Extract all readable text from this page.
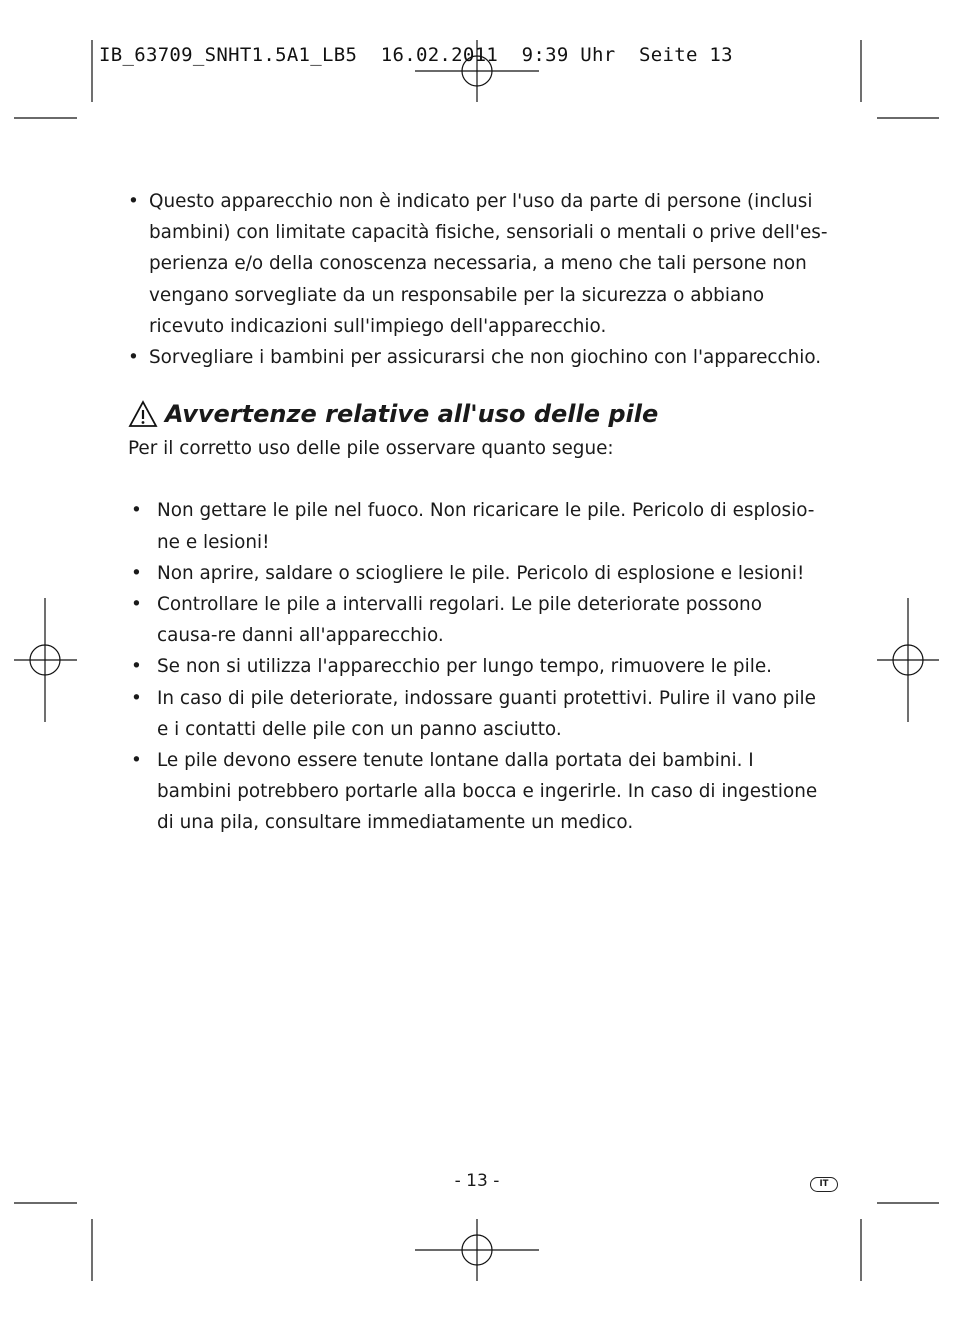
IB_63709_SNHT1.5A1_LB5  16.02.2011  9:39 Uhr  Seite 13
• Questo apparecchio non è indicato per l'uso da parte di persone (inclusi bambini) con limitate capacità fisiche, sensoriali o mentali o prive dell'es-perienza e/o della conoscenza necessaria, a meno che tali persone non vengano sorvegliate da un responsabile per la sicurezza o abbiano ricevuto indicazioni sull'impiego dell'apparecchio.
• Sorvegliare i bambini per assicurarsi che non giochino con l'apparecchio.
Avvertenze relative all'uso delle pile
Per il corretto uso delle pile osservare quanto segue:
• Non gettare le pile nel fuoco. Non ricaricare le pile. Pericolo di esplosio-ne e lesioni!
• Non aprire, saldare o sciogliere le pile. Pericolo di esplosione e lesioni!
• Controllare le pile a intervalli regolari. Le pile deteriorate possono causa-re danni all'apparecchio.
• Se non si utilizza l'apparecchio per lungo tempo, rimuovere le pile.
• In caso di pile deteriorate, indossare guanti protettivi. Pulire il vano pile e i contatti delle pile con un panno asciutto.
• Le pile devono essere tenute lontane dalla portata dei bambini. I bambini potrebbero portarle alla bocca e ingerirle. In caso di ingestione di una pila, consultare immediatamente un medico.
- 13 -	IT
